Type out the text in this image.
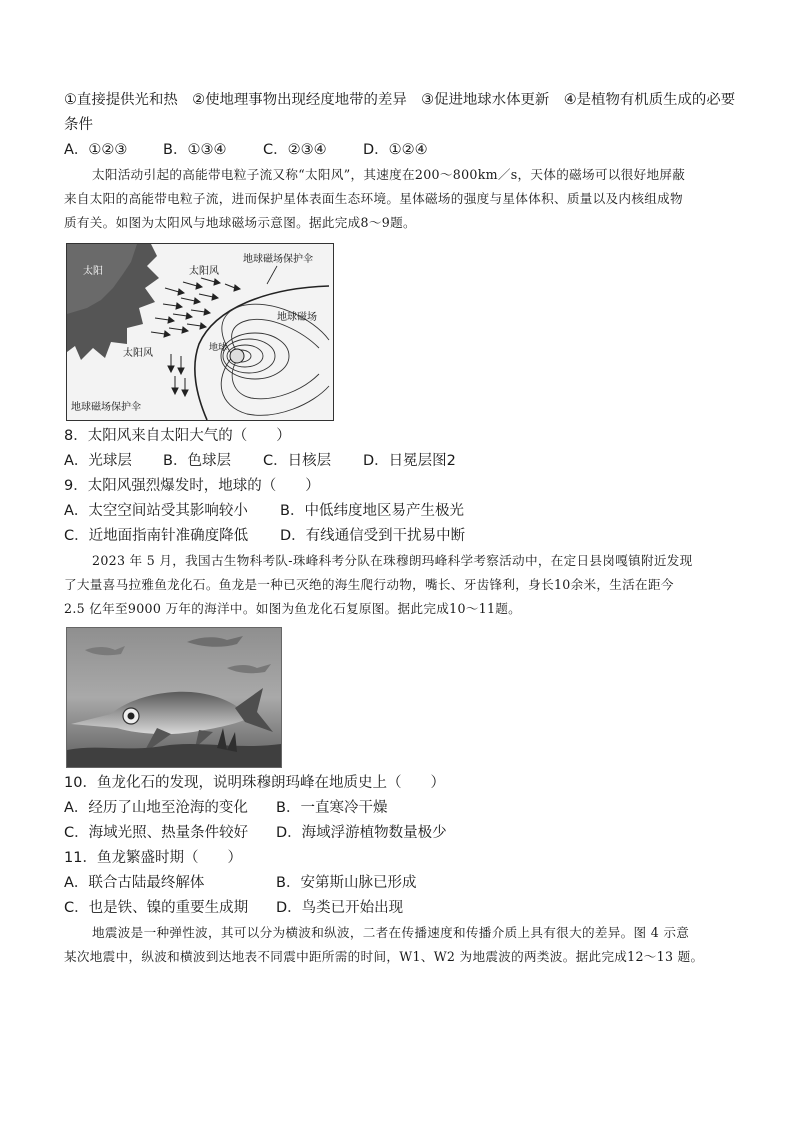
①直接提供光和热　②使地理事物出现经度地带的差异　③促进地球水体更新　④是植物有机质生成的必要
条件
A．①②③ B．①③④	C．②③④	D．①②④
太阳活动引起的高能带电粒子流又称“太阳风”，其速度在200～800km／s，天体的磁场可以很好地屏蔽
来自太阳的高能带电粒子流，进而保护星体表面生态环境。星体磁场的强度与星体体积、质量以及内核组成物
质有关。如图为太阳风与地球磁场示意图。据此完成8～9题。
太阳
地球
太阳风
太阳风
地球磁场保护伞
地球磁场
地球磁场保护伞
8．太阳风来自太阳大气的（　　）
A．光球层 B．色球层 C．日核层 D．日冕层图2
9．太阳风强烈爆发时，地球的（　　）
A．太空空间站受其影响较小 B．中低纬度地区易产生极光
C．近地面指南针准确度降低 D．有线通信受到干扰易中断
2023 年 5 月，我国古生物科考队-珠峰科考分队在珠穆朗玛峰科学考察活动中，在定日县岗嘎镇附近发现
了大量喜马拉雅鱼龙化石。鱼龙是一种已灭绝的海生爬行动物，嘴长、牙齿锋利，身长10余米，生活在距今
2.5 亿年至9000 万年的海洋中。如图为鱼龙化石复原图。据此完成10～11题。
10．鱼龙化石的发现，说明珠穆朗玛峰在地质史上（　　）
A．经历了山地至沧海的变化 B．一直寒冷干燥
C．海域光照、热量条件较好 D．海域浮游植物数量极少
11．鱼龙繁盛时期（　　）
A．联合古陆最终解体	B．安第斯山脉已形成
C．也是铁、镍的重要生成期 D．鸟类已开始出现
地震波是一种弹性波，其可以分为横波和纵波，二者在传播速度和传播介质上具有很大的差异。图 4 示意
某次地震中，纵波和横波到达地表不同震中距所需的时间，W1、W2 为地震波的两类波。据此完成12～13 题。
